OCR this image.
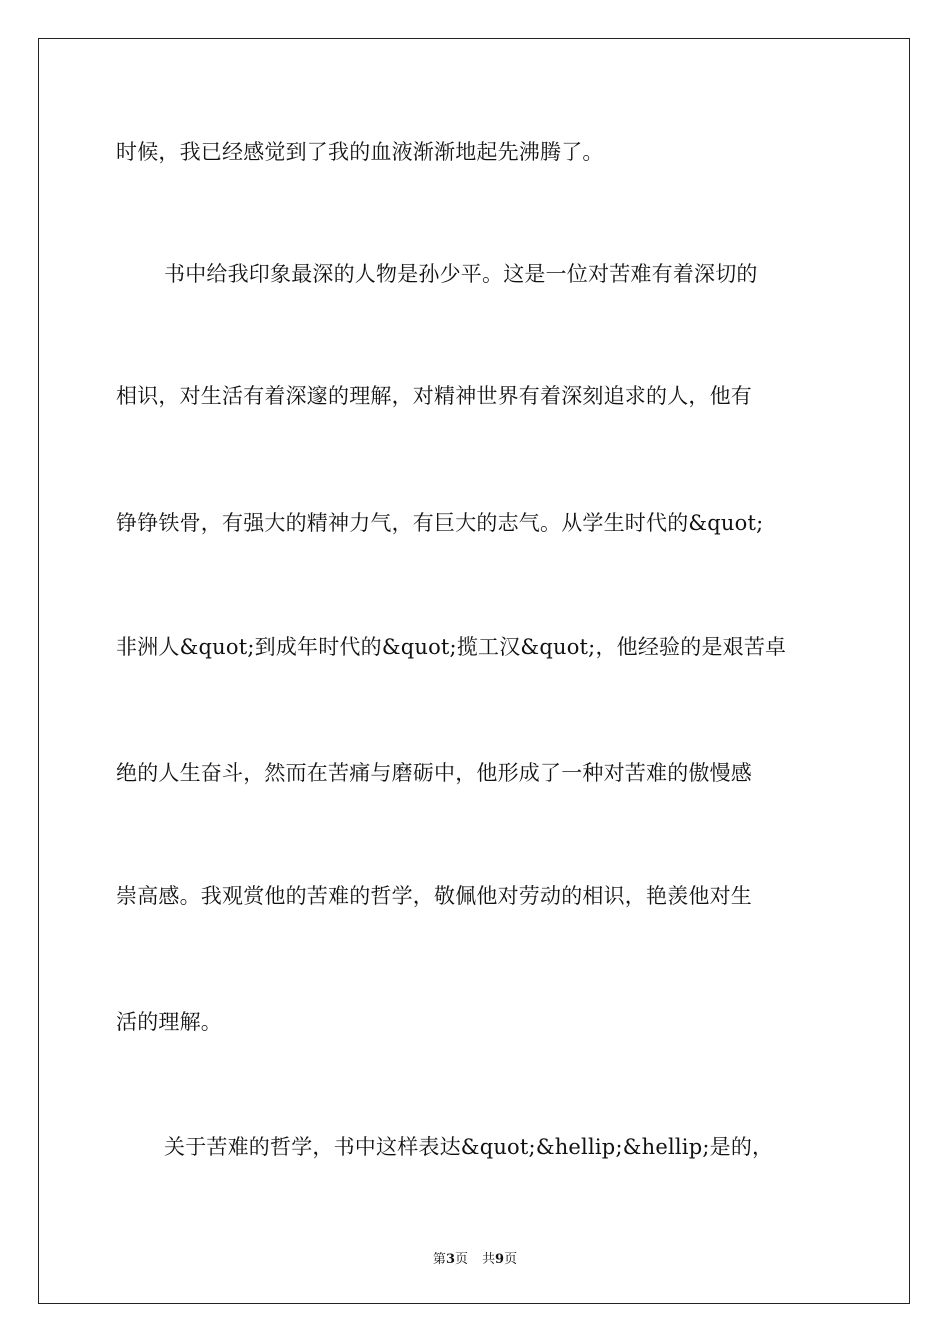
时候，我已经感觉到了我的血液渐渐地起先沸腾了。
书中给我印象最深的人物是孙少平。这是一位对苦难有着深切的
相识，对生活有着深邃的理解，对精神世界有着深刻追求的人，他有
铮铮铁骨，有强大的精神力气，有巨大的志气。从学生时代的&quot;
非洲人&quot;到成年时代的&quot;揽工汉&quot;，他经验的是艰苦卓
绝的人生奋斗，然而在苦痛与磨砺中，他形成了一种对苦难的傲慢感
崇高感。我观赏他的苦难的哲学，敬佩他对劳动的相识，艳羡他对生
活的理解。
关于苦难的哲学，书中这样表达&quot;&hellip;&hellip;是的，
第3页 共9页
